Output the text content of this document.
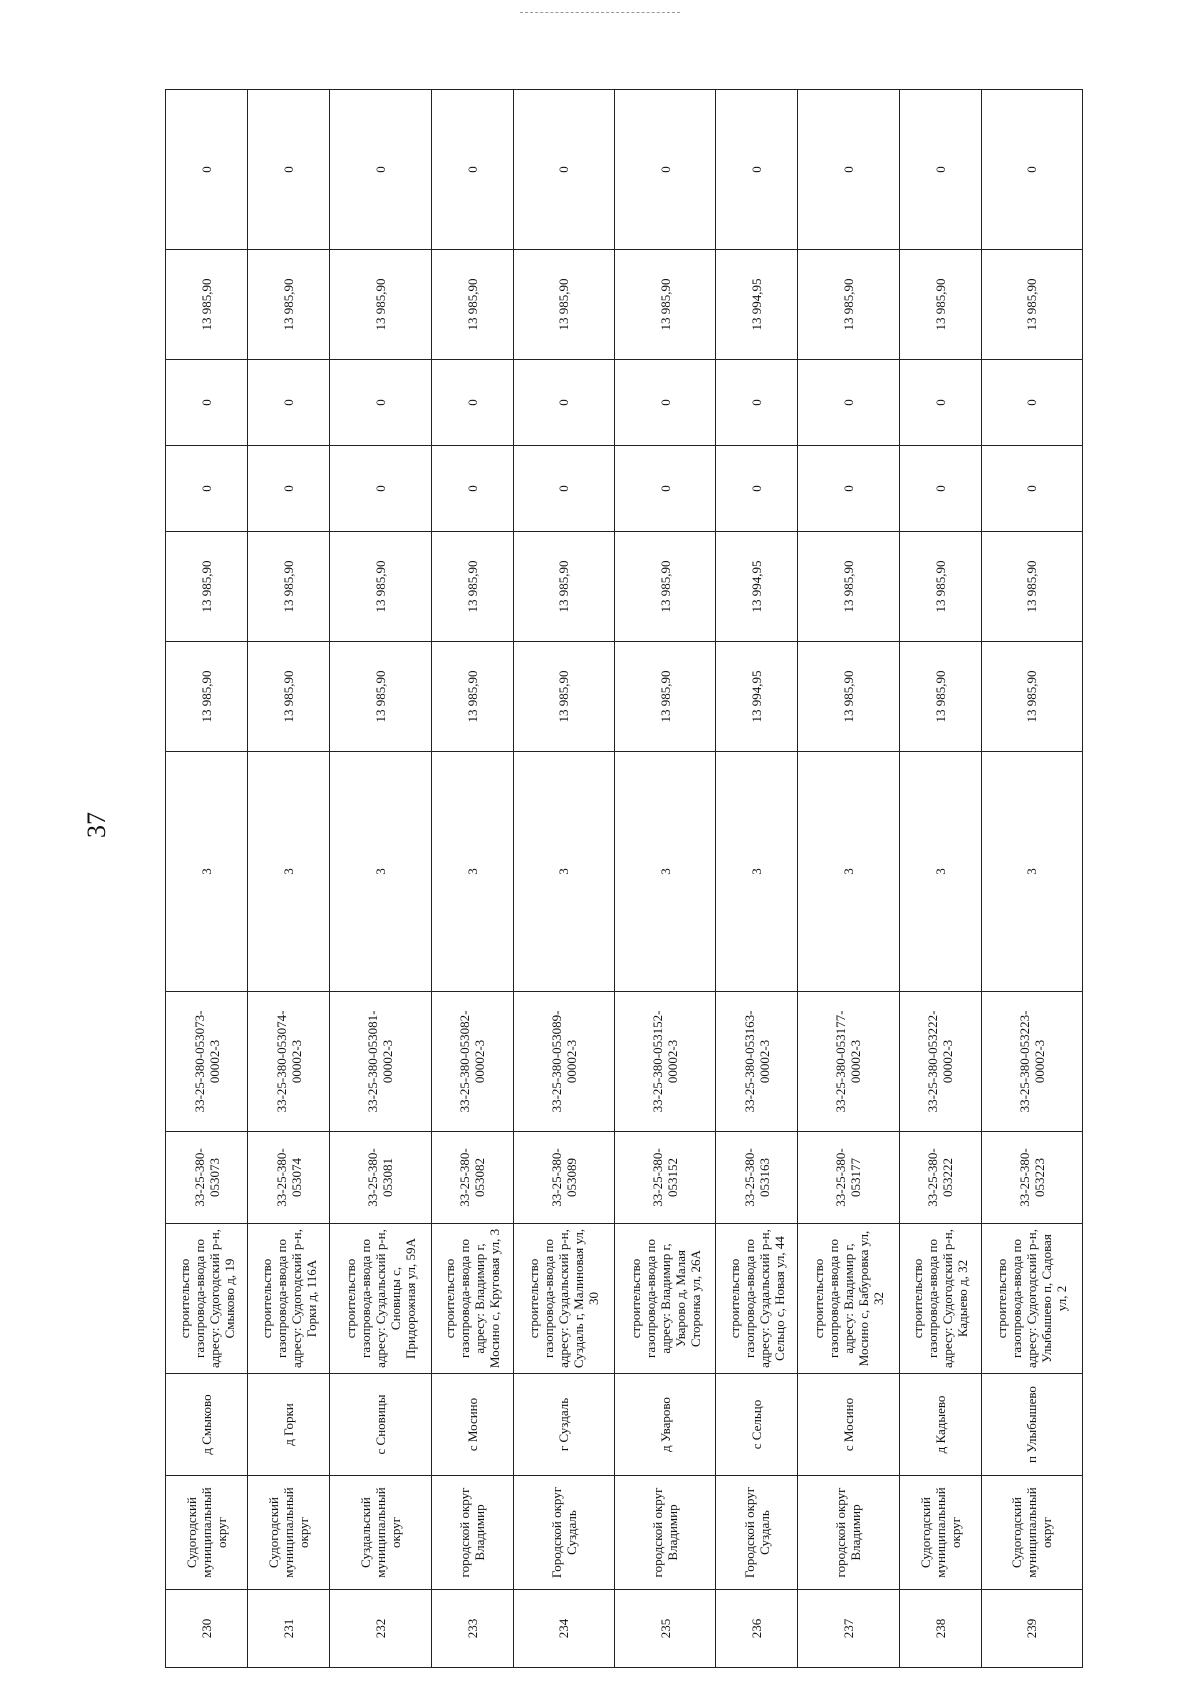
37
230	Судогодский муниципальный округ	д Смыково	строительство газопровода-ввода по адресу: Судогодский р-н, Смыково д, 19	33-25-380-053073	33-25-380-053073-00002-3	3	13 985,90	13 985,90	0	0	13 985,90	0
231	Судогодский муниципальный округ	д Горки	строительство газопровода-ввода по адресу: Судогодский р-н, Горки д, 116А	33-25-380-053074	33-25-380-053074-00002-3	3	13 985,90	13 985,90	0	0	13 985,90	0
232	Суздальский муниципальный округ	с Сновицы	строительство газопровода-ввода по адресу: Суздальский р-н, Сновицы с, Придорожная ул, 59А	33-25-380-053081	33-25-380-053081-00002-3	3	13 985,90	13 985,90	0	0	13 985,90	0
233	городской округ Владимир	с Мосино	строительство газопровода-ввода по адресу: Владимир г, Мосино с, Круговая ул, 3	33-25-380-053082	33-25-380-053082-00002-3	3	13 985,90	13 985,90	0	0	13 985,90	0
234	Городской округ Суздаль	г Суздаль	строительство газопровода-ввода по адресу: Суздальский р-н, Суздаль г, Малиновая ул, 30	33-25-380-053089	33-25-380-053089-00002-3	3	13 985,90	13 985,90	0	0	13 985,90	0
235	городской округ Владимир	д Уварово	строительство газопровода-ввода по адресу: Владимир г, Уварово д, Малая Сторонка ул, 26А	33-25-380-053152	33-25-380-053152-00002-3	3	13 985,90	13 985,90	0	0	13 985,90	0
236	Городской округ Суздаль	с Сельцо	строительство газопровода-ввода по адресу: Суздальский р-н, Сельцо с, Новая ул, 44	33-25-380-053163	33-25-380-053163-00002-3	3	13 994,95	13 994,95	0	0	13 994,95	0
237	городской округ Владимир	с Мосино	строительство газопровода-ввода по адресу: Владимир г, Мосино с, Бабуровка ул, 32	33-25-380-053177	33-25-380-053177-00002-3	3	13 985,90	13 985,90	0	0	13 985,90	0
238	Судогодский муниципальный округ	д Кадыево	строительство газопровода-ввода по адресу: Судогодский р-н, Кадыево д, 32	33-25-380-053222	33-25-380-053222-00002-3	3	13 985,90	13 985,90	0	0	13 985,90	0
239	Судогодский муниципальный округ	п Улыбышево	строительство газопровода-ввода по адресу: Судогодский р-н, Улыбышево п, Садовая ул, 2	33-25-380-053223	33-25-380-053223-00002-3	3	13 985,90	13 985,90	0	0	13 985,90	0
